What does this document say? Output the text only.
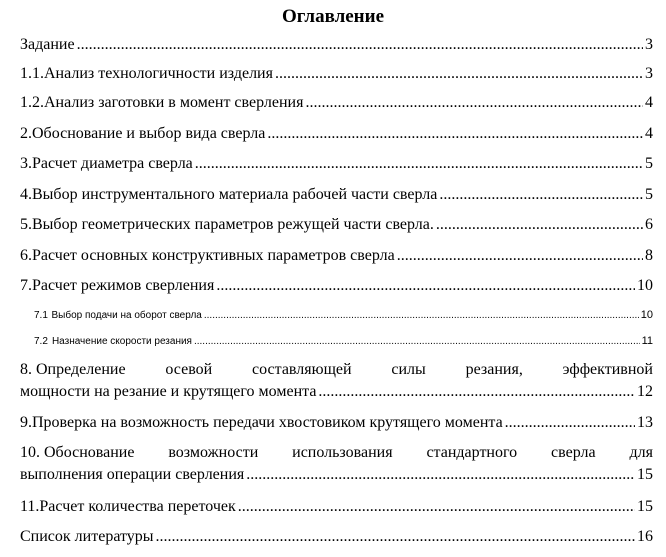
Оглавление
Задание .....	3
1.1. Анализ технологичности изделия .....	3
1.2. Анализ заготовки в момент сверления .....	4
2. Обоснование и выбор вида сверла .....	4
3. Расчет диаметра сверла .....	5
4. Выбор инструментального материала рабочей части сверла .....	5
5. Выбор геометрических параметров режущей части сверла. .....	6
6. Расчет основных конструктивных параметров сверла .....	8
7. Расчет режимов сверления .....	10
7.1 Выбор подачи на оборот сверла .....	10
7.2 Назначение скорости резания .....	11
8. Определение осевой составляющей силы резания, эффективной
мощности на резание и крутящего момента .....	12
9. Проверка на возможность передачи хвостовиком крутящего момента .....	13
10. Обоснование возможности использования стандартного сверла для
выполнения операции сверления .....	15
11. Расчет количества переточек .....	15
Список литературы .....	16
